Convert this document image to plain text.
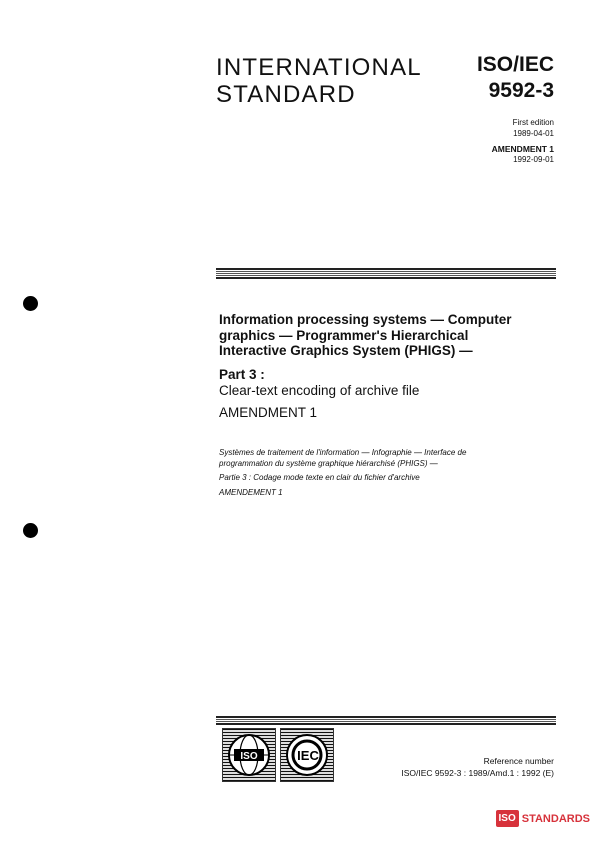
INTERNATIONAL
STANDARD
ISO/IEC
9592-3
First edition
1989-04-01
AMENDMENT 1
1992-09-01
Information processing systems — Computer
graphics — Programmer's Hierarchical
Interactive Graphics System (PHIGS) —
Part 3 :
Clear-text encoding of archive file
AMENDMENT 1

Systèmes de traitement de l'information — Infographie — Interface de
programmation du système graphique hiérarchisé (PHIGS) —

Partie 3 : Codage mode texte en clair du fichier d'archive

AMENDEMENT 1

ISO	IEC	Reference number
ISO/IEC 9592-3 : 1989/Amd.1 : 1992 (E)
ISO STANDARDS
